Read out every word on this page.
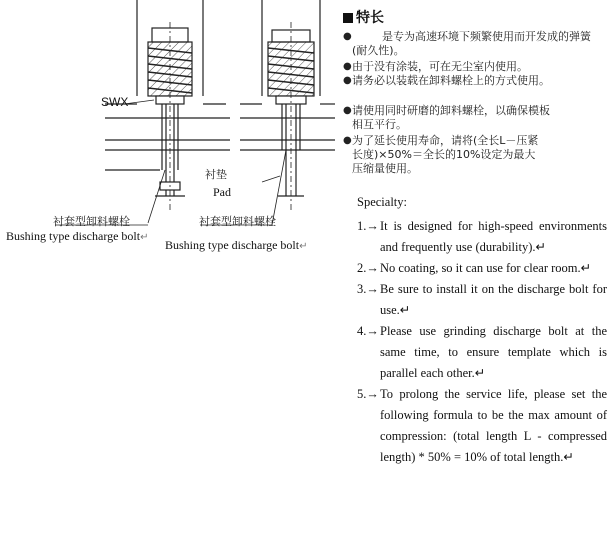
SWX
衬垫
Pad
衬套型卸料螺栓
Bushing type discharge bolt↵
衬套型卸料螺栓
Bushing type discharge bolt↵
特长
●	是专为高速环境下频繁使用而开发成的弹簧(耐久性)。
● 由于没有涂装，可在无尘室内使用。
● 请务必以装载在卸料螺栓上的方式使用。
● 请使用同时研磨的卸料螺栓，以确保模板相互平行。
● 为了延长使用寿命，请将(全长L－压紧长度)×50%＝全长的10%设定为最大压缩量使用。
Specialty:
1.→ It is designed for high-speed environments and frequently use (durability).↵
2.→ No coating, so it can use for clear room.↵
3.→ Be sure to install it on the discharge bolt for use.↵
4.→ Please use grinding discharge bolt at the same time, to ensure template which is parallel each other.↵
5.→ To prolong the service life, please set the following formula to be the max amount of compression: (total length L - compressed length) * 50% = 10% of total length.↵
